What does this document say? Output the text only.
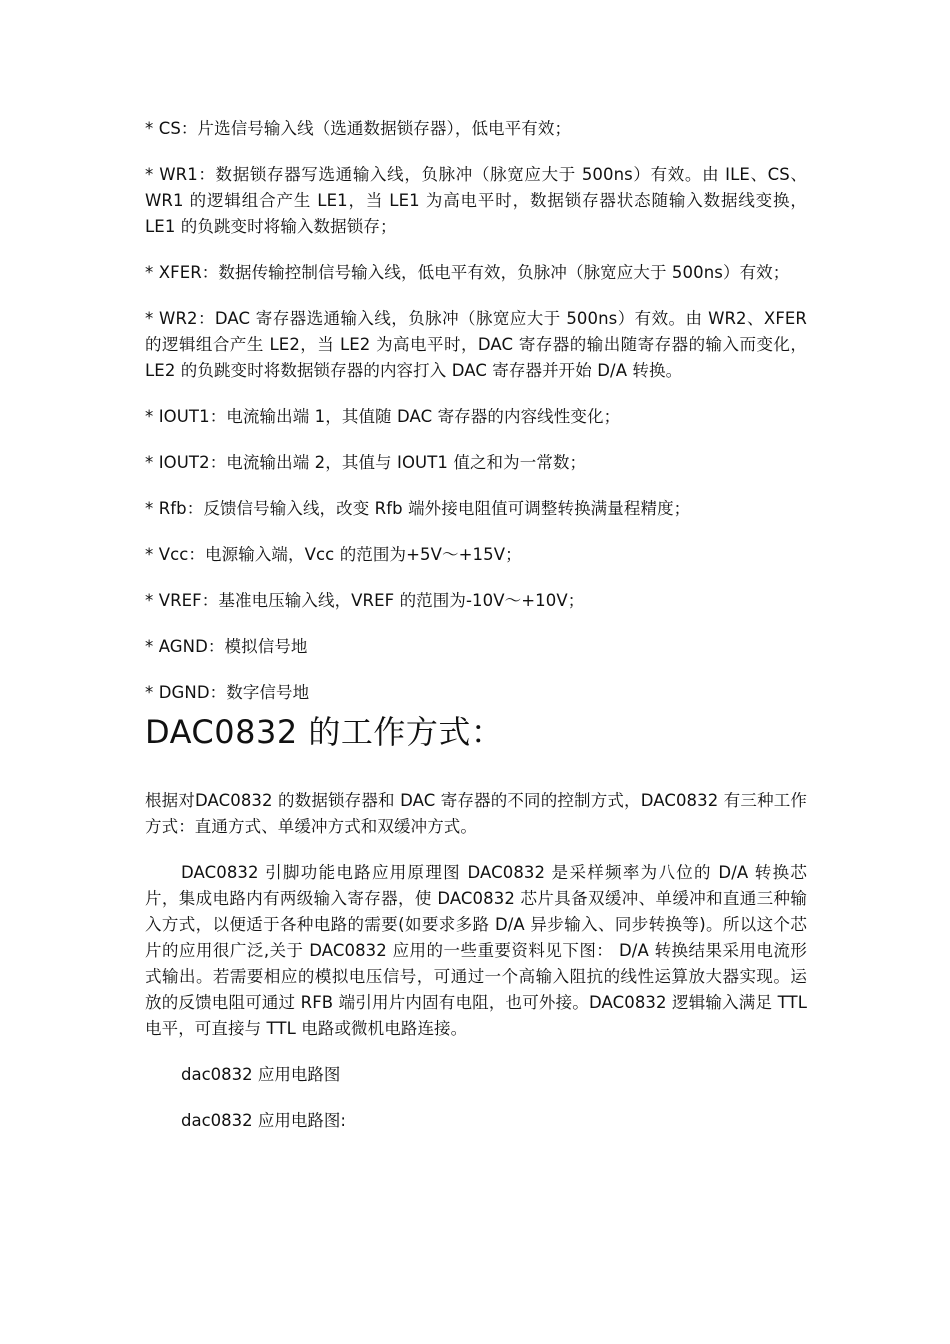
* CS：片选信号输入线（选通数据锁存器），低电平有效；

* WR1：数据锁存器写选通输入线，负脉冲（脉宽应大于 500ns）有效。由 ILE、CS、WR1 的逻辑组合产生 LE1，当 LE1 为高电平时，数据锁存器状态随输入数据线变换，LE1 的负跳变时将输入数据锁存；

* XFER：数据传输控制信号输入线，低电平有效，负脉冲（脉宽应大于 500ns）有效；

* WR2：DAC 寄存器选通输入线，负脉冲（脉宽应大于 500ns）有效。由 WR2、XFER 的逻辑组合产生 LE2，当 LE2 为高电平时，DAC 寄存器的输出随寄存器的输入而变化，LE2 的负跳变时将数据锁存器的内容打入 DAC 寄存器并开始 D/A 转换。

* IOUT1：电流输出端 1，其值随 DAC 寄存器的内容线性变化；

* IOUT2：电流输出端 2，其值与 IOUT1 值之和为一常数；

* Rfb：反馈信号输入线，改变 Rfb 端外接电阻值可调整转换满量程精度；

* Vcc：电源输入端，Vcc 的范围为+5V～+15V；

* VREF：基准电压输入线，VREF 的范围为-10V～+10V；

* AGND：模拟信号地

* DGND：数字信号地

DAC0832 的工作方式：

根据对DAC0832 的数据锁存器和 DAC 寄存器的不同的控制方式，DAC0832 有三种工作方式：直通方式、单缓冲方式和双缓冲方式。

DAC0832 引脚功能电路应用原理图 DAC0832 是采样频率为八位的 D/A 转换芯片，集成电路内有两级输入寄存器，使 DAC0832 芯片具备双缓冲、单缓冲和直通三种输入方式，以便适于各种电路的需要(如要求多路 D/A 异步输入、同步转换等)。所以这个芯片的应用很广泛,关于 DAC0832 应用的一些重要资料见下图： D/A 转换结果采用电流形式输出。若需要相应的模拟电压信号，可通过一个高输入阻抗的线性运算放大器实现。运放的反馈电阻可通过 RFB 端引用片内固有电阻，也可外接。DAC0832 逻辑输入满足 TTL 电平，可直接与 TTL 电路或微机电路连接。

dac0832 应用电路图

dac0832 应用电路图:
